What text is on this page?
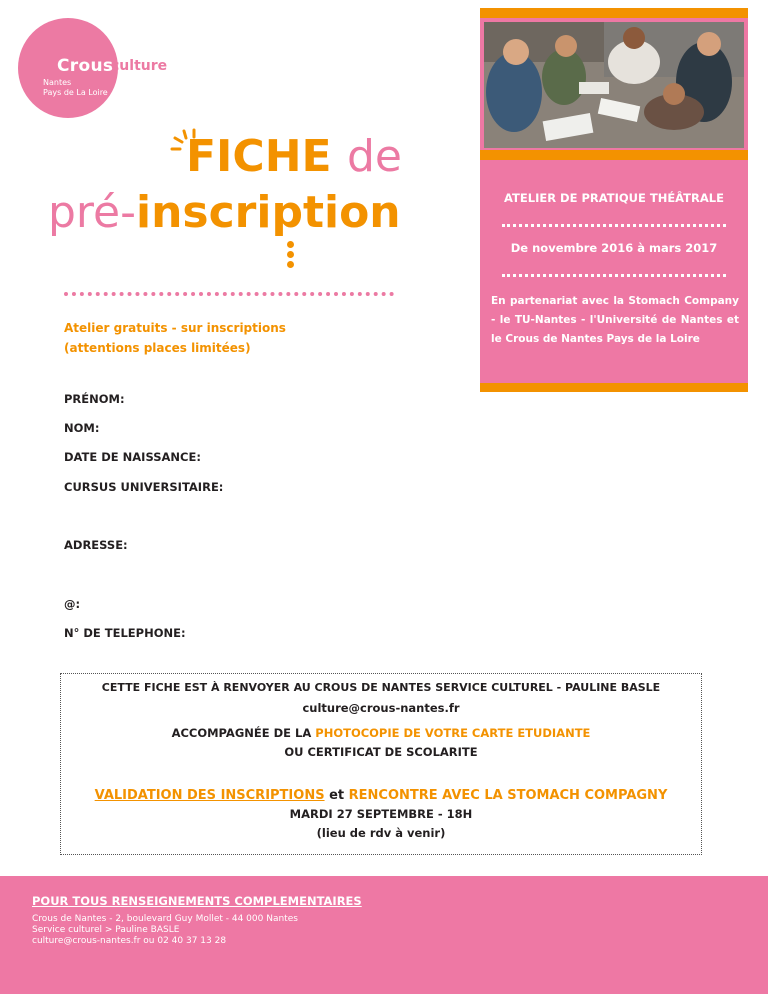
Crous
culture
Nantes
Pays de La Loire
FICHE de
pré-inscription
Atelier gratuits - sur inscriptions
(attentions places limitées)
ATELIER DE PRATIQUE THÉÂTRALE
De novembre 2016 à mars 2017
En partenariat avec la Stomach Company - le TU-Nantes - l'Université de Nantes et le Crous de Nantes Pays de la Loire
PRÉNOM:
NOM:
DATE DE NAISSANCE:
CURSUS UNIVERSITAIRE:
ADRESSE:
@:
N° DE TELEPHONE:
CETTE FICHE EST À RENVOYER AU CROUS DE NANTES SERVICE CULTUREL - PAULINE BASLE
culture@crous-nantes.fr
ACCOMPAGNÉE DE LA PHOTOCOPIE DE VOTRE CARTE ETUDIANTE
OU CERTIFICAT DE SCOLARITE
VALIDATION DES INSCRIPTIONS et RENCONTRE AVEC LA STOMACH COMPAGNY
MARDI 27 SEPTEMBRE - 18H
(lieu de rdv à venir)
POUR TOUS RENSEIGNEMENTS COMPLEMENTAIRES
Crous de Nantes - 2, boulevard Guy Mollet - 44 000 Nantes
Service culturel > Pauline BASLE
culture@crous-nantes.fr ou 02 40 37 13 28
